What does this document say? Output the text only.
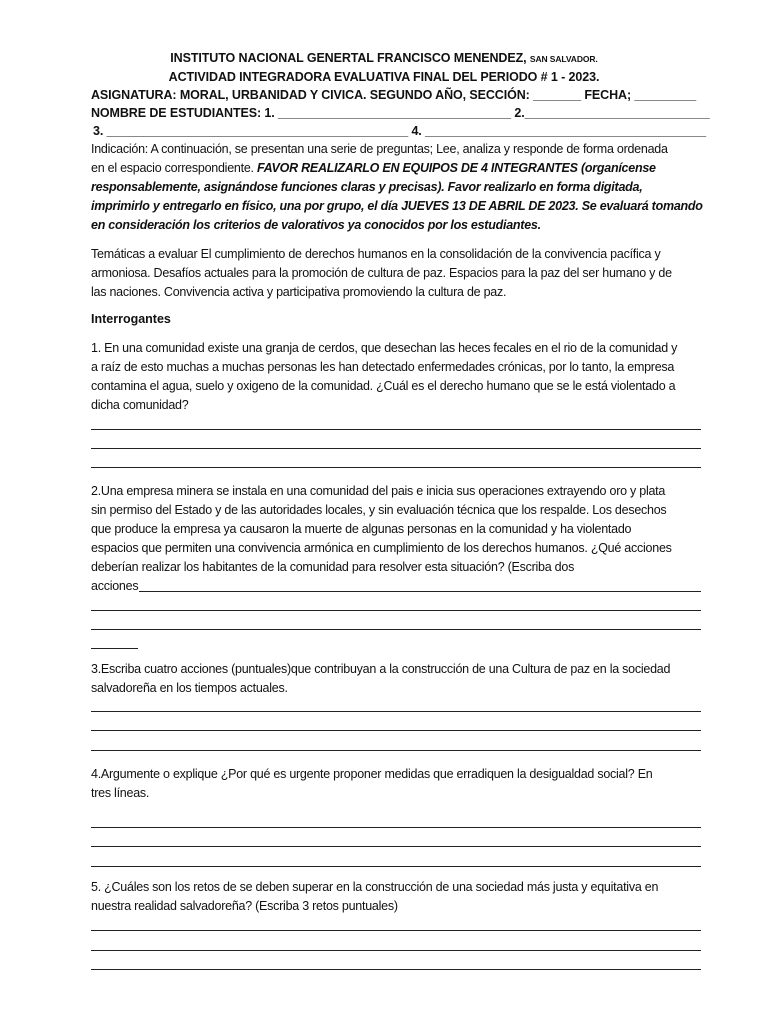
INSTITUTO NACIONAL GENERTAL FRANCISCO MENENDEZ, SAN SALVADOR.
ACTIVIDAD INTEGRADORA EVALUATIVA FINAL DEL PERIODO # 1 - 2023.
ASIGNATURA: MORAL, URBANIDAD Y CIVICA. SEGUNDO AÑO, SECCIÓN: _______ FECHA; _________
NOMBRE DE ESTUDIANTES: 1. __________________________________ 2.___________________________
3. ____________________________________________ 4. _________________________________________
Indicación: A continuación, se presentan una serie de preguntas; Lee, analiza y responde de forma ordenada
en el espacio correspondiente. FAVOR REALIZARLO EN EQUIPOS DE 4 INTEGRANTES (organícense
responsablemente, asignándose funciones claras y precisas). Favor realizarlo en forma digitada,
imprimirlo y entregarlo en físico, una por grupo, el día JUEVES 13 DE ABRIL DE 2023. Se evaluará tomando
en consideración los criterios de valorativos ya conocidos por los estudiantes.
Temáticas a evaluar El cumplimiento de derechos humanos en la consolidación de la convivencia pacífica y
armoniosa. Desafíos actuales para la promoción de cultura de paz. Espacios para la paz del ser humano y de
las naciones. Convivencia activa y participativa promoviendo la cultura de paz.
Interrogantes
1. En una comunidad existe una granja de cerdos, que desechan las heces fecales en el rio de la comunidad y
a raíz de esto muchas a muchas personas les han detectado enfermedades crónicas, por lo tanto, la empresa
contamina el agua, suelo y oxigeno de la comunidad. ¿Cuál es el derecho humano que se le está violentado a
dicha comunidad?
2.Una empresa minera se instala en una comunidad del pais e inicia sus operaciones extrayendo oro y plata
sin permiso del Estado y de las autoridades locales, y sin evaluación técnica que los respalde. Los desechos
que produce la empresa ya causaron la muerte de algunas personas en la comunidad y ha violentado
espacios que permiten una convivencia armónica en cumplimiento de los derechos humanos. ¿Qué acciones
deberían realizar los habitantes de la comunidad para resolver esta situación? (Escriba dos
acciones
3.Escriba cuatro acciones (puntuales)que contribuyan a la construcción de una Cultura de paz en la sociedad
salvadoreña en los tiempos actuales.
4.Argumente o explique ¿Por qué es urgente proponer medidas que erradiquen la desigualdad social? En
tres líneas.
5. ¿Cuáles son los retos de se deben superar en la construcción de una sociedad más justa y equitativa en
nuestra realidad salvadoreña? (Escriba 3 retos puntuales)
